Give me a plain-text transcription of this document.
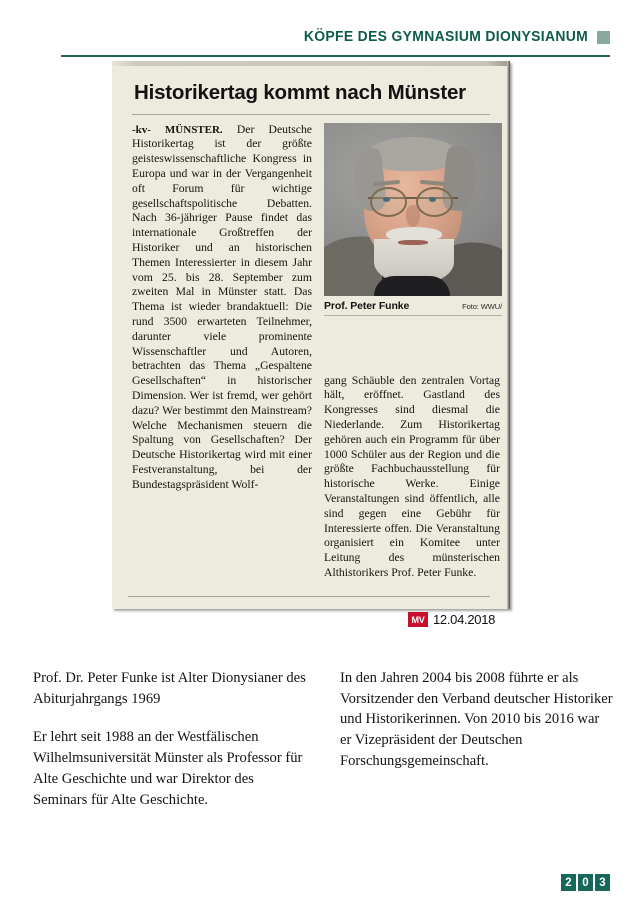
KÖPFE DES GYMNASIUM DIONYSIANUM
Historikertag kommt nach Münster
Prof. Peter Funke	Foto: WWU/

-kv- MÜNSTER. Der Deutsche Historikertag ist der größte geisteswissenschaftliche Kongress in Europa und war in der Vergangenheit oft Forum für wichtige gesellschaftspolitische Debatten. Nach 36-jähriger Pause findet das internationale Großtreffen der Historiker und an historischen Themen Interessierter in diesem Jahr vom 25. bis 28. September zum zweiten Mal in Münster statt. Das Thema ist wieder brandaktuell: Die rund 3500 erwarteten Teilnehmer, darunter viele prominente Wissenschaftler und Autoren, betrachten das Thema „Gespaltene Gesellschaften“ in historischer Dimension. Wer ist fremd, wer gehört dazu? Wer bestimmt den Mainstream? Welche Mechanismen steuern die Spaltung von Gesellschaften? Der Deutsche Historikertag wird mit einer Festveranstaltung, bei der Bundestagspräsident Wolf-

gang Schäuble den zentralen Vortag hält, eröffnet. Gastland des Kongresses sind diesmal die Niederlande. Zum Historikertag gehören auch ein Programm für über 1000 Schüler aus der Region und die größte Fachbuchausstellung für historische Werke. Einige Veranstaltungen sind öffentlich, alle sind gegen eine Gebühr für Interessierte offen. Die Veranstaltung organisiert ein Komitee unter Leitung des münsterischen Althistorikers Prof. Peter Funke.

MV 12.04.2018

Prof. Dr. Peter Funke ist Alter Dionysianer des Abiturjahrgangs 1969

Er lehrt seit 1988 an der Westfälischen Wilhelmsuniversität Münster als Professor für Alte Geschichte und war Direktor des Seminars für Alte Geschichte.

In den Jahren 2004 bis 2008 führte er als Vorsitzender den Verband deutscher Historiker und Historikerinnen. Von 2010 bis 2016 war er Vizepräsident der Deutschen Forschungsgemeinschaft.

2 0 3
